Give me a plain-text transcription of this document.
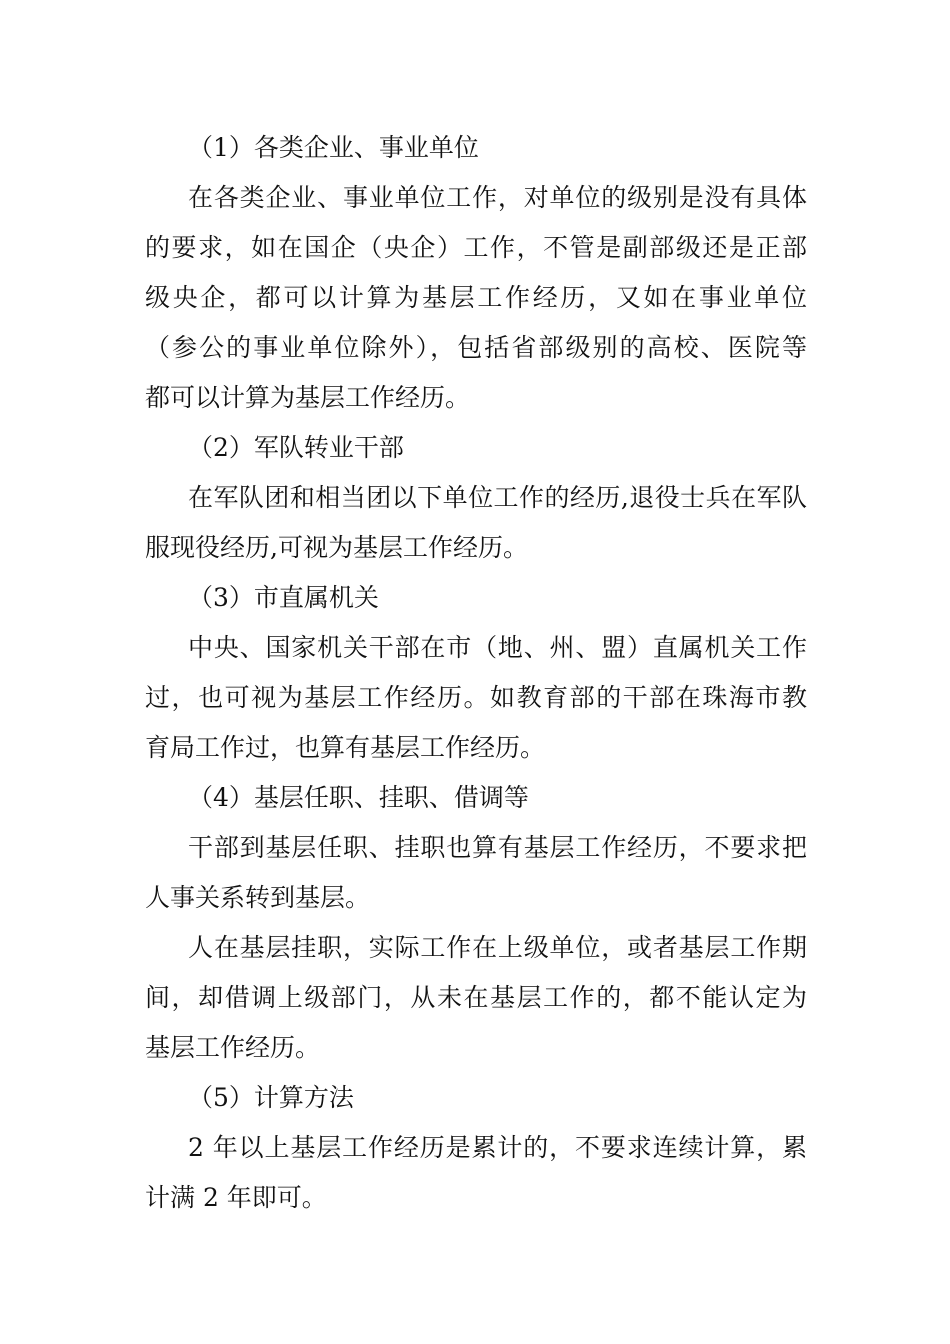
（1）各类企业、事业单位
在各类企业、事业单位工作，对单位的级别是没有具体
的要求，如在国企（央企）工作，不管是副部级还是正部
级央企，都可以计算为基层工作经历，又如在事业单位
（参公的事业单位除外），包括省部级别的高校、医院等
都可以计算为基层工作经历。
（2）军队转业干部
在军队团和相当团以下单位工作的经历,退役士兵在军队
服现役经历,可视为基层工作经历。
（3）市直属机关
中央、国家机关干部在市（地、州、盟）直属机关工作
过，也可视为基层工作经历。如教育部的干部在珠海市教
育局工作过，也算有基层工作经历。
（4）基层任职、挂职、借调等
干部到基层任职、挂职也算有基层工作经历，不要求把
人事关系转到基层。
人在基层挂职，实际工作在上级单位，或者基层工作期
间，却借调上级部门，从未在基层工作的，都不能认定为
基层工作经历。
（5）计算方法
2 年以上基层工作经历是累计的，不要求连续计算，累
计满 2 年即可。
